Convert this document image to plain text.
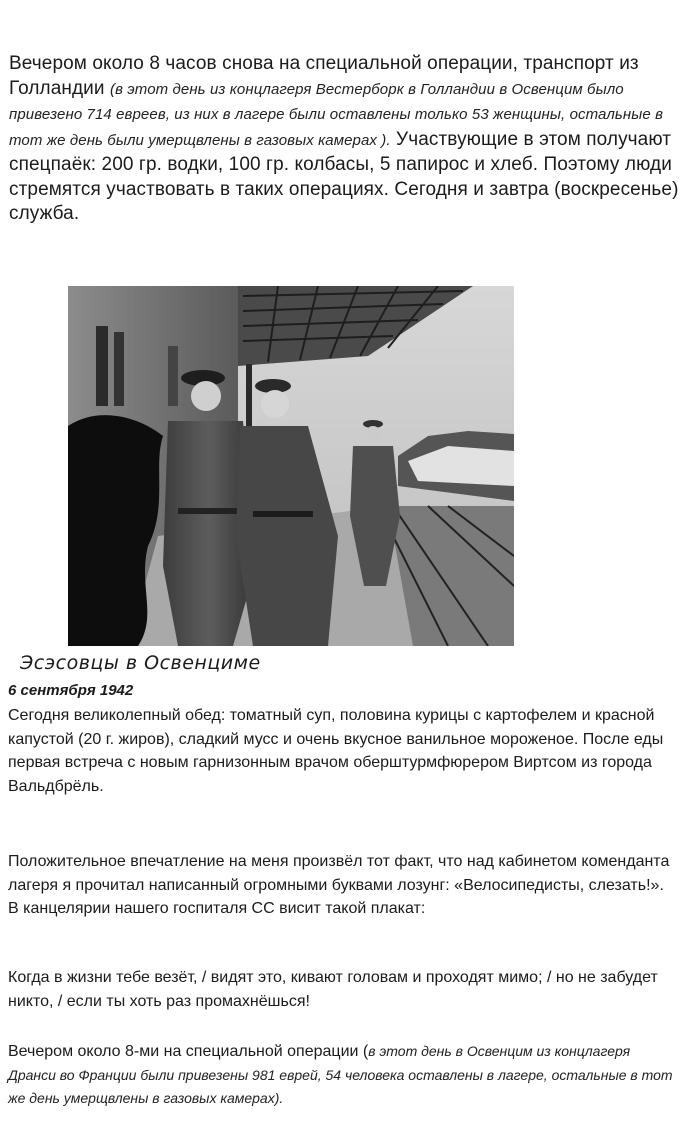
Вечером около 8 часов снова на специальной операции, транспорт из Голландии (в этот день из концлагеря Вестерборк в Голландии в Освенцим было привезено 714 евреев, из них в лагере были оставлены только 53 женщины, остальные в тот же день были умерщвлены в газовых камерах ). Участвующие в этом получают спецпаёк: 200 гр. водки, 100 гр. колбасы, 5 папирос и хлеб. Поэтому люди стремятся участвовать в таких операциях. Сегодня и завтра (воскресенье) служба.
Эсэсовцы в Освенциме
6 сентября 1942
Сегодня великолепный обед: томатный суп, половина курицы с картофелем и красной капустой (20 г. жиров), сладкий мусс и очень вкусное ванильное мороженое. После еды первая встреча с новым гарнизонным врачом оберштурмфюрером Виртсом из города Вальдбрёль.
Положительное впечатление на меня произвёл тот факт, что над кабинетом коменданта лагеря я прочитал написанный огромными буквами лозунг: «Велосипедисты, слезать!». В канцелярии нашего госпиталя СС висит такой плакат:
Когда в жизни тебе везёт, / видят это, кивают головам и проходят мимо; / но не забудет никто, / если ты хоть раз промахнёшься!
Вечером около 8-ми на специальной операции (в этот день в Освенцим из концлагеря Дранси во Франции были привезены 981 еврей, 54 человека оставлены в лагере, остальные в тот же день умерщвлены в газовых камерах).
